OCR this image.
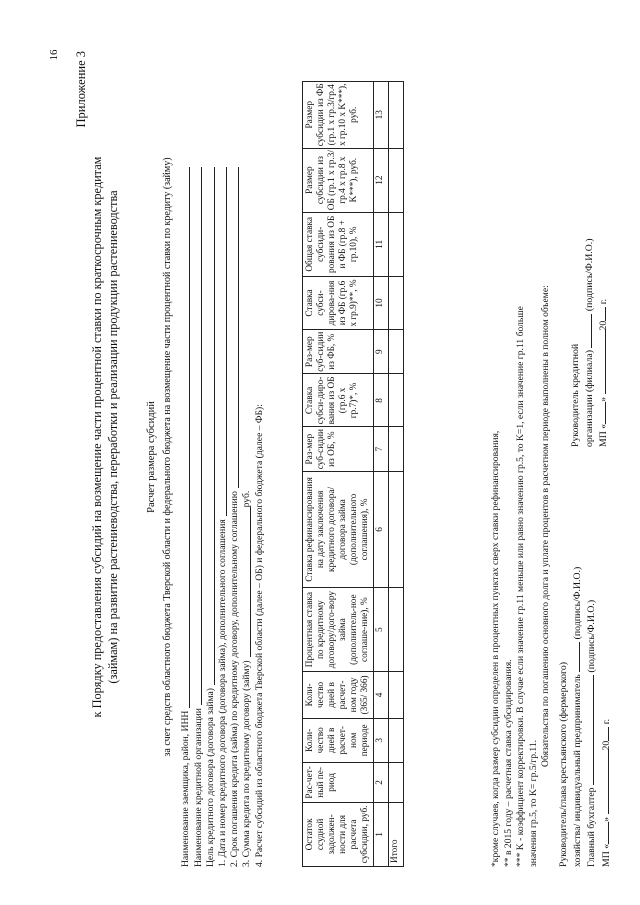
16 Приложение 3
к Порядку предоставления субсидий на возмещение части процентной ставки по краткосрочным кредитам (займам) на развитие растениеводства, переработки и реализации продукции растениеводства Расчет размера субсидий за счет средств областного бюджета Тверской области и федерального бюджета на возмещение части процентной ставки по кредиту (займу)
Наименование заемщика, район, ИНН Наименование кредитной организации Цель кредитного договора (договора займа) 1. Дата и номер кредитного договора (договора займа), дополнительного соглашения 2. Срок погашения кредита (займа) по кредитному договору, дополнительному соглашению 3. Сумма кредита по кредитному договору (займу)
руб. 4. Расчет субсидий из областного бюджета Тверской области (далее – ОБ) и федерального бюджета (далее – ФБ):	Остаток ссудной задолжен-ности для расчета субсидии, руб.	Рас-чет-ный пе-риод	Коли-чество дней в расчет-ном периоде	Коли-чество дней в расчет-ном году (365/ 366)	Процентная ставка по кредитному договору/дого-вору займа (дополнитель-ное соглаше-ние), %	Ставка рефинансирования на дату заключения кредитного договора/договора займа (дополнительного соглашения), %	Раз-мер суб-сидии из ОБ, %	Ставка субси-диро-вания из ОБ (гр.6 х гр.7)*, %	Раз-мер суб-сидии из ФБ, %	Ставка субси-дирова-ния из ФБ (гр.6 х гр.9)**, %	Общая ставка субсиди-рования из ОБ и ФБ (гр.8 + гр.10), %	Размер субсидии из ОБ (гр.1 х гр.3/гр.4 х гр.8 х K***), руб.	Размер субсидии из ФБ (гр.1 х гр.3/гр.4 х гр.10 х K***), руб.
1	2	3	4	5	6	7	8	9	10	11	12	13
Итого													*кроме случаев, когда размер субсидии определен в процентных пунктах сверх ставки рефинансирования, ** в 2015 году – расчетная ставка субсидирования. *** K - коэффициент корректировки. В случае если значение гр.11 меньше или равно значению гр.5, то K=1, если значение гр.11 больше значения гр.5, то K= гр.5/гр.11.
Обязательства по погашению основного долга и уплате процентов в расчетном периоде выполнены в полном объеме: Руководитель/глава крестьянского (фермерского) хозяйства/ индивидуальный предприниматель  (подпись/Ф.И.О.)
Главный бухгалтер  (подпись/Ф.И.О.)
МП «» 20 г.
Руководитель кредитной организации (филиала)  (подпись/Ф.И.О.)
МП «» 20 г.
